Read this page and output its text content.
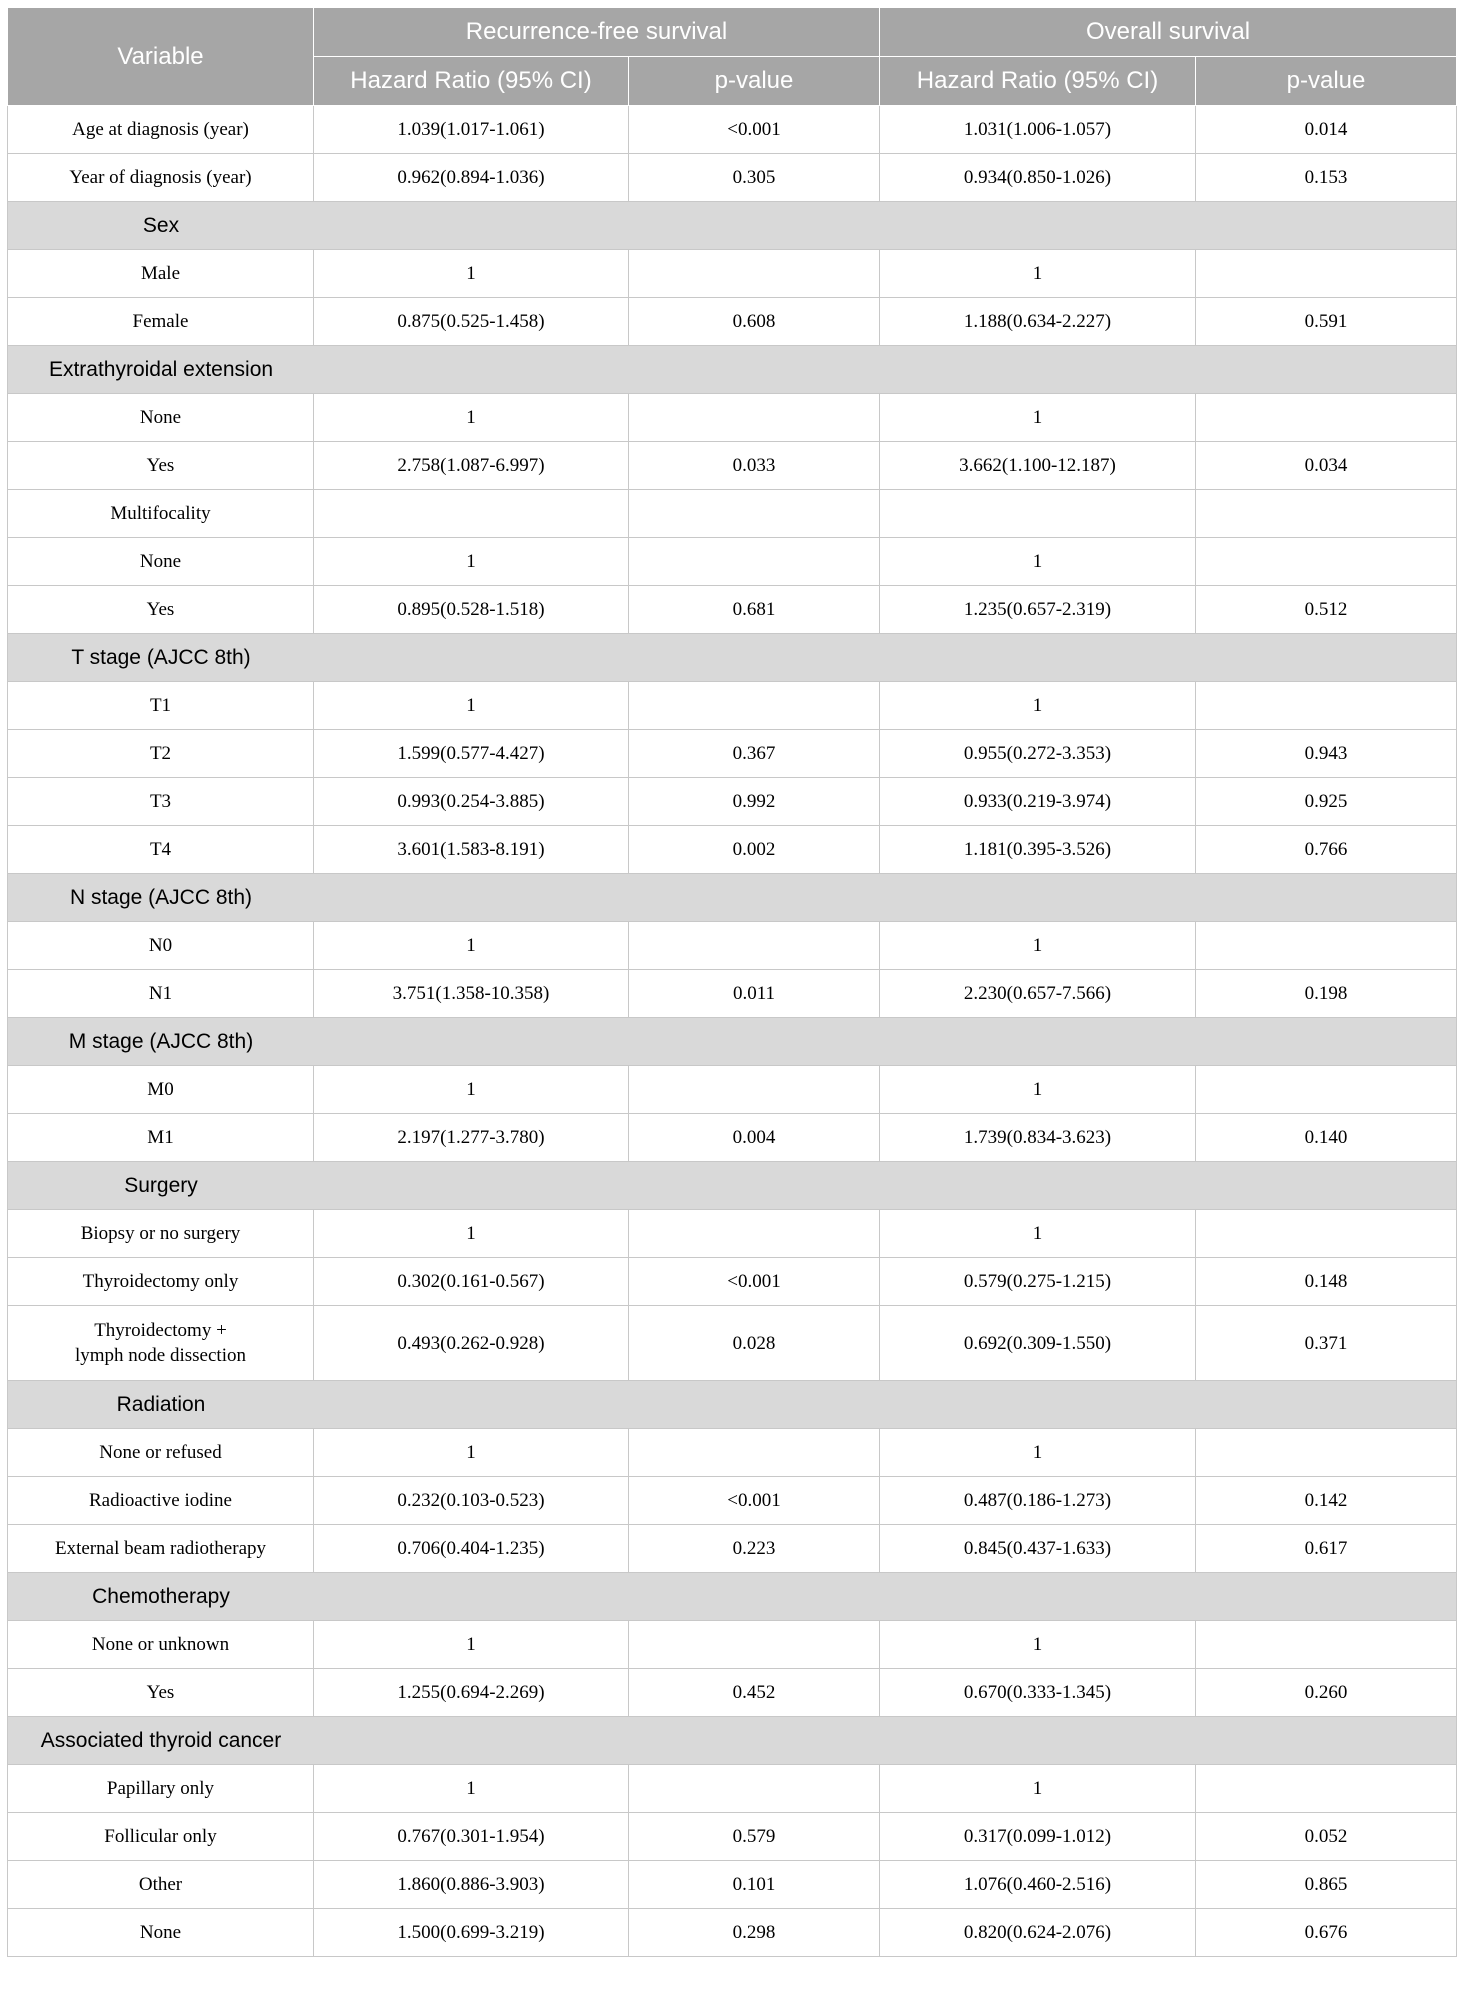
Variable	Recurrence-free survival		Overall survival	
	Hazard Ratio (95% CI)	p-value	Hazard Ratio (95% CI)	p-value
Age at diagnosis (year)	1.039(1.017-1.061)	<0.001	1.031(1.006-1.057)	0.014
Year of diagnosis (year)	0.962(0.894-1.036)	0.305	0.934(0.850-1.026)	0.153
Sex				
Male	1		1	
Female	0.875(0.525-1.458)	0.608	1.188(0.634-2.227)	0.591
Extrathyroidal extension				
None	1		1	
Yes	2.758(1.087-6.997)	0.033	3.662(1.100-12.187)	0.034
Multifocality				
None	1		1	
Yes	0.895(0.528-1.518)	0.681	1.235(0.657-2.319)	0.512
T stage (AJCC 8th)				
T1	1		1	
T2	1.599(0.577-4.427)	0.367	0.955(0.272-3.353)	0.943
T3	0.993(0.254-3.885)	0.992	0.933(0.219-3.974)	0.925
T4	3.601(1.583-8.191)	0.002	1.181(0.395-3.526)	0.766
N stage (AJCC 8th)				
N0	1		1	
N1	3.751(1.358-10.358)	0.011	2.230(0.657-7.566)	0.198
M stage (AJCC 8th)				
M0	1		1	
M1	2.197(1.277-3.780)	0.004	1.739(0.834-3.623)	0.140
Surgery				
Biopsy or no surgery	1		1	
Thyroidectomy only	0.302(0.161-0.567)	<0.001	0.579(0.275-1.215)	0.148
Thyroidectomy +
lymph node dissection	0.493(0.262-0.928)	0.028	0.692(0.309-1.550)	0.371
Radiation				
None or refused	1		1	
Radioactive iodine	0.232(0.103-0.523)	<0.001	0.487(0.186-1.273)	0.142
External beam radiotherapy	0.706(0.404-1.235)	0.223	0.845(0.437-1.633)	0.617
Chemotherapy				
None or unknown	1		1	
Yes	1.255(0.694-2.269)	0.452	0.670(0.333-1.345)	0.260
Associated thyroid cancer				
Papillary only	1		1	
Follicular only	0.767(0.301-1.954)	0.579	0.317(0.099-1.012)	0.052
Other	1.860(0.886-3.903)	0.101	1.076(0.460-2.516)	0.865
None	1.500(0.699-3.219)	0.298	0.820(0.624-2.076)	0.676
